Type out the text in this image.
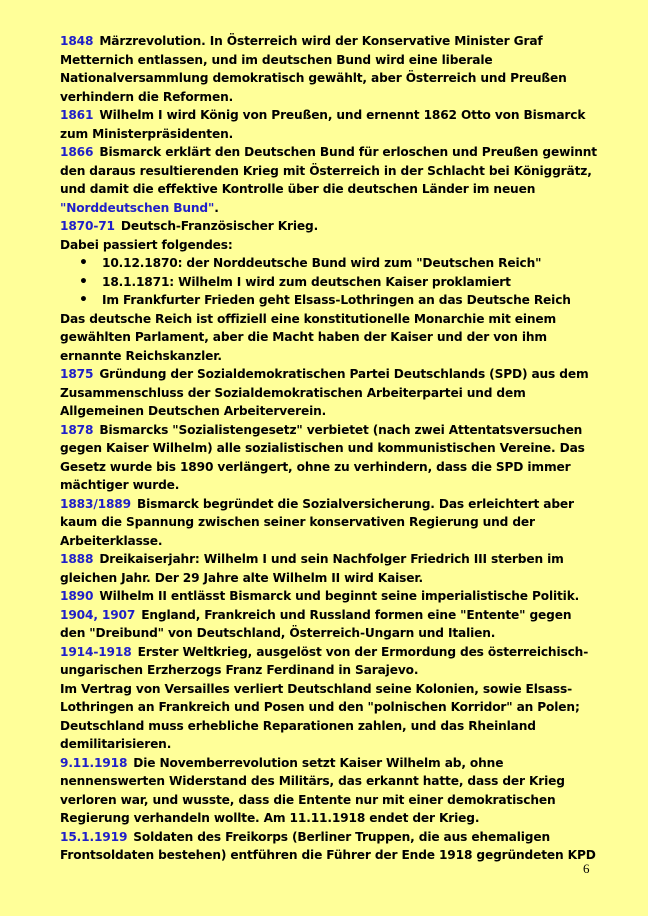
1848 Märzrevolution. In Österreich wird der Konservative Minister Graf Metternich entlassen, und im deutschen Bund wird eine liberale Nationalversammlung demokratisch gewählt, aber Österreich und Preußen verhindern die Reformen.

1861 Wilhelm I wird König von Preußen, und ernennt 1862 Otto von Bismarck zum Ministerpräsidenten.

1866 Bismarck erklärt den Deutschen Bund für erloschen und Preußen gewinnt den daraus resultierenden Krieg mit Österreich in der Schlacht bei Königgrätz, und damit die effektive Kontrolle über die deutschen Länder im neuen "Norddeutschen Bund".

1870-71 Deutsch-Französischer Krieg.

Dabei passiert folgendes:

• 10.12.1870: der Norddeutsche Bund wird zum "Deutschen Reich"
• 18.1.1871: Wilhelm I wird zum deutschen Kaiser proklamiert
• Im Frankfurter Frieden geht Elsass-Lothringen an das Deutsche Reich

Das deutsche Reich ist offiziell eine konstitutionelle Monarchie mit einem gewählten Parlament, aber die Macht haben der Kaiser und der von ihm ernannte Reichskanzler.

1875 Gründung der Sozialdemokratischen Partei Deutschlands (SPD) aus dem Zusammenschluss der Sozialdemokratischen Arbeiterpartei und dem Allgemeinen Deutschen Arbeiterverein.

1878 Bismarcks "Sozialistengesetz" verbietet (nach zwei Attentatsversuchen gegen Kaiser Wilhelm) alle sozialistischen und kommunistischen Vereine. Das Gesetz wurde bis 1890 verlängert, ohne zu verhindern, dass die SPD immer mächtiger wurde.

1883/1889 Bismarck begründet die Sozialversicherung. Das erleichtert aber kaum die Spannung zwischen seiner konservativen Regierung und der Arbeiterklasse.

1888 Dreikaiserjahr: Wilhelm I und sein Nachfolger Friedrich III sterben im gleichen Jahr. Der 29 Jahre alte Wilhelm II wird Kaiser.

1890 Wilhelm II entlässt Bismarck und beginnt seine imperialistische Politik.

1904, 1907 England, Frankreich und Russland formen eine "Entente" gegen den "Dreibund" von Deutschland, Österreich-Ungarn und Italien.

1914-1918 Erster Weltkrieg, ausgelöst von der Ermordung des österreichisch-ungarischen Erzherzogs Franz Ferdinand in Sarajevo.

Im Vertrag von Versailles verliert Deutschland seine Kolonien, sowie Elsass-Lothringen an Frankreich und Posen und den "polnischen Korridor" an Polen; Deutschland muss erhebliche Reparationen zahlen, und das Rheinland demilitarisieren.

9.11.1918 Die Novemberrevolution setzt Kaiser Wilhelm ab, ohne nennenswerten Widerstand des Militärs, das erkannt hatte, dass der Krieg verloren war, und wusste, dass die Entente nur mit einer demokratischen Regierung verhandeln wollte. Am 11.11.1918 endet der Krieg.

15.1.1919 Soldaten des Freikorps (Berliner Truppen, die aus ehemaligen Frontsoldaten bestehen) entführen die Führer der Ende 1918 gegründeten KPD

6
